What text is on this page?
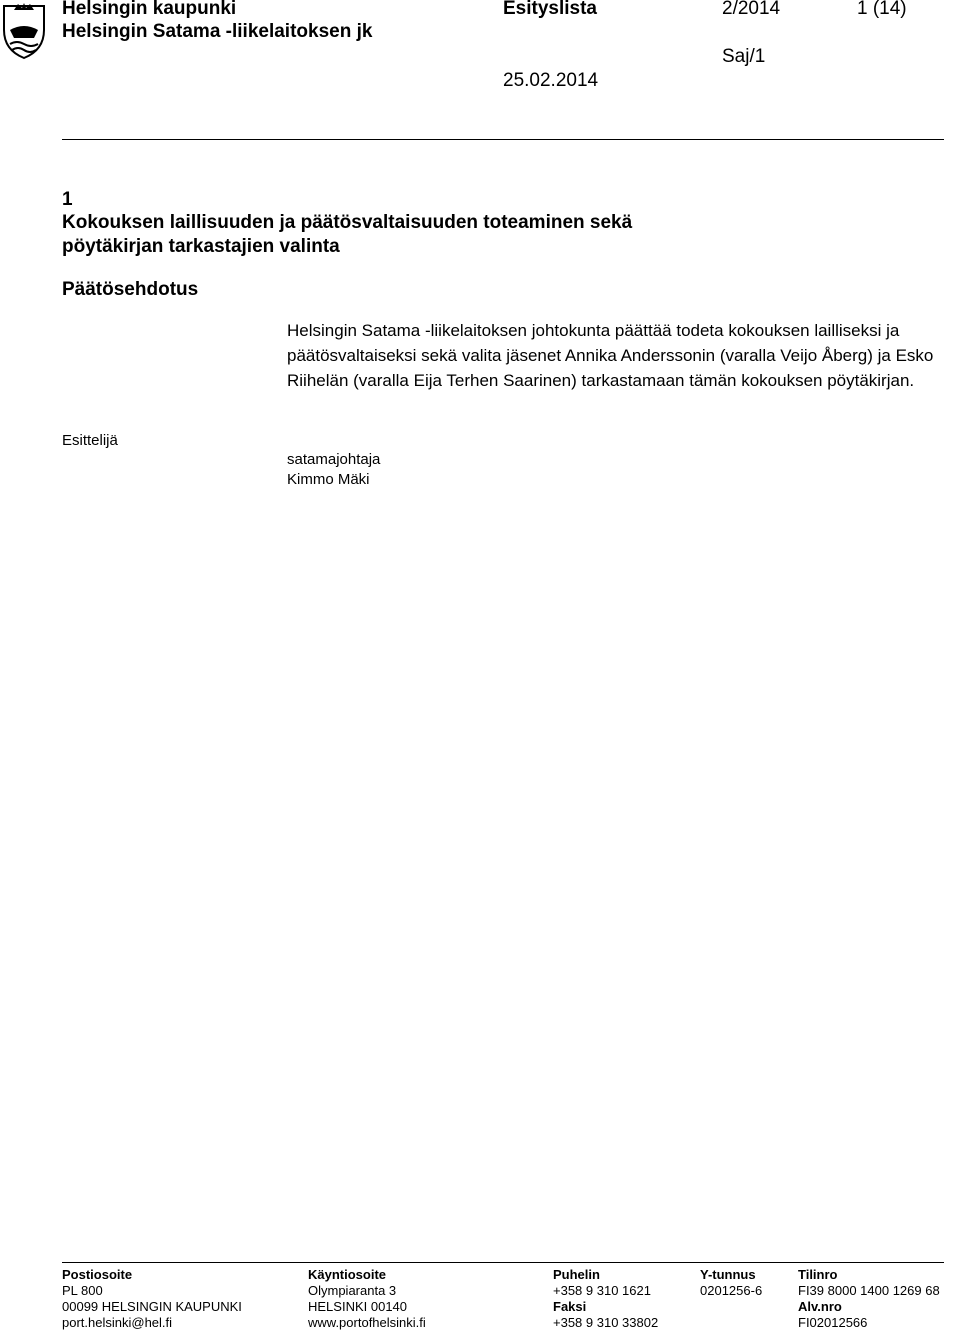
Helsingin kaupunki
Helsingin Satama -liikelaitoksen jk
Esityslista	2/2014	1 (14)
Saj/1
25.02.2014
1
Kokouksen laillisuuden ja päätösvaltaisuuden toteaminen sekä
pöytäkirjan tarkastajien valinta
Päätösehdotus
Helsingin Satama -liikelaitoksen johtokunta päättää todeta kokouksen lailliseksi ja päätösvaltaiseksi sekä valita jäsenet Annika Anderssonin (varalla Veijo Åberg) ja Esko Riihelän (varalla Eija Terhen Saarinen) tarkastamaan tämän kokouksen pöytäkirjan.
Esittelijä
satamajohtaja
Kimmo Mäki
Postiosoite
PL 800
00099 HELSINGIN KAUPUNKI
port.helsinki@hel.fi
Käyntiosoite
Olympiaranta 3
HELSINKI 00140
www.portofhelsinki.fi
Puhelin
+358 9 310 1621
Faksi
+358 9 310 33802
Y-tunnus
0201256-6
Tilinro
FI39 8000 1400 1269 68
Alv.nro
FI02012566
